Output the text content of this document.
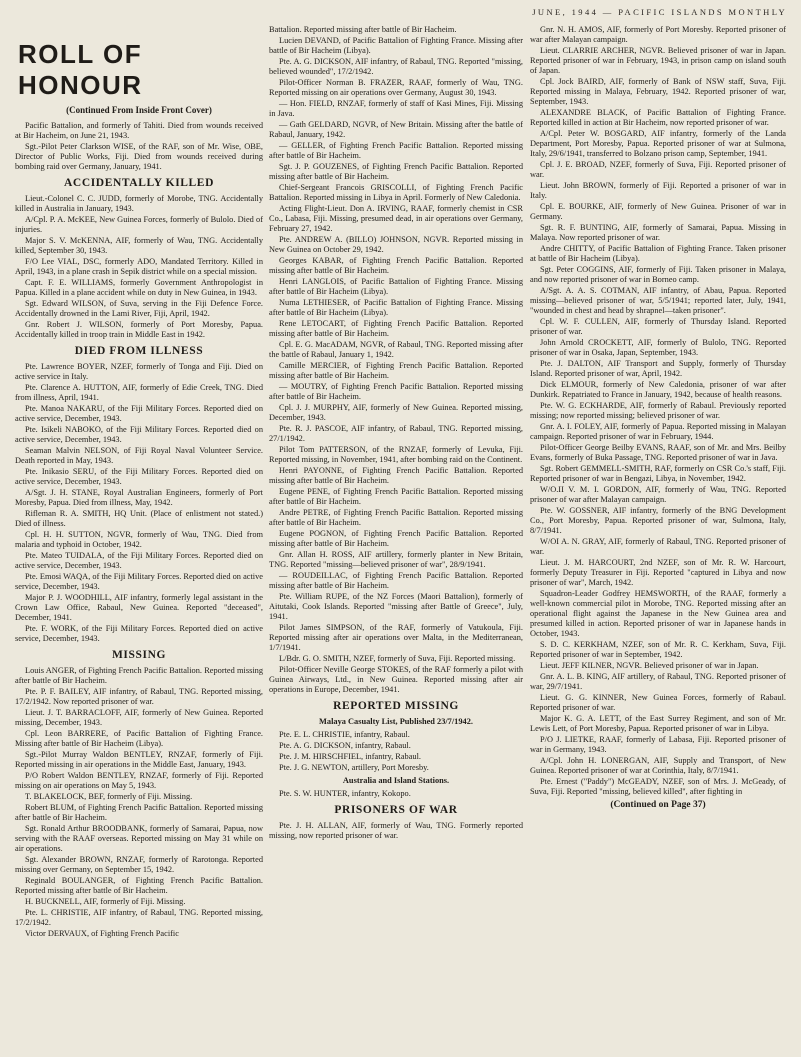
JUNE, 1944 — PACIFIC ISLANDS MONTHLY
ROLL OF HONOUR
(Continued From Inside Front Cover)

Pacific Battalion, and formerly of Tahiti. Died from wounds received at Bir Hacheim, on June 21, 1943.

Sgt.-Pilot Peter Clarkson WISE, of the RAF, son of Mr. Wise, OBE, Director of Public Works, Fiji. Died from wounds received during bombing raid over Germany, January, 1941.

ACCIDENTALLY KILLED

Lieut.-Colonel C. C. JUDD, formerly of Morobe, TNG. Accidentally killed in Australia in January, 1943.

A/Cpl. P. A. McKEE, New Guinea Forces, formerly of Bulolo. Died of injuries.

Major S. V. McKENNA, AIF, formerly of Wau, TNG. Accidentally killed, September 30, 1943.

F/O Lee VIAL, DSC, formerly ADO, Mandated Territory. Killed in April, 1943, in a plane crash in Sepik district while on a special mission.

Capt. F. E. WILLIAMS, formerly Government Anthropologist in Papua. Killed in a plane accident while on duty in New Guinea, in 1943.

Sgt. Edward WILSON, of Suva, serving in the Fiji Defence Force. Accidentally drowned in the Lami River, Fiji, April, 1942.

Gnr. Robert J. WILSON, formerly of Port Moresby, Papua. Accidentally killed in troop train in Middle East in 1942.

DIED FROM ILLNESS

Pte. Lawrence BOYER, NZEF, formerly of Tonga and Fiji. Died on active service in Italy.

Pte. Clarence A. HUTTON, AIF, formerly of Edie Creek, TNG. Died from illness, April, 1941.

Pte. Manoa NAKARU, of the Fiji Military Forces. Reported died on active service, December, 1943.

Pte. Isikeli NABOKO, of the Fiji Military Forces. Reported died on active service, December, 1943.

Seaman Malvin NELSON, of Fiji Royal Naval Volunteer Service. Death reported in May, 1943.

Pte. Inikasio SERU, of the Fiji Military Forces. Reported died on active service, December, 1943.

A/Sgt. J. H. STANE, Royal Australian Engineers, formerly of Port Moresby, Papua. Died from illness, May, 1942.

Rifleman R. A. SMITH, HQ Unit. (Place of enlistment not stated.) Died of illness.

Cpl. H. H. SUTTON, NGVR, formerly of Wau, TNG. Died from malaria and typhoid in October, 1942.

Pte. Mateo TUIDALA, of the Fiji Military Forces. Reported died on active service, December, 1943.

Pte. Emosi WAQA, of the Fiji Military Forces. Reported died on active service, December, 1943.

Major P. J. WOODHILL, AIF infantry, formerly legal assistant in the Crown Law Office, Rabaul, New Guinea. Reported "deceased", December, 1941.

Pte. F. WORK, of the Fiji Military Forces. Reported died on active service, December, 1943.

MISSING

Louis ANGER, of Fighting French Pacific Battalion. Reported missing after battle of Bir Hacheim.

Pte. P. F. BAILEY, AIF infantry, of Rabaul, TNG. Reported missing, 17/2/1942. Now reported prisoner of war.

Lieut. J. T. BARRACLOFF, AIF, formerly of New Guinea. Reported missing, December, 1943.

Cpl. Leon BARRERE, of Pacific Battalion of Fighting France. Missing after battle of Bir Hacheim (Libya).

Sgt.-Pilot Murray Waldon BENTLEY, RNZAF, formerly of Fiji. Reported missing in air operations in the Middle East, January, 1943.

P/O Robert Waldon BENTLEY, RNZAF, formerly of Fiji. Reported missing on air operations on May 5, 1943.

T. BLAKELOCK, BEF, formerly of Fiji. Missing.

Robert BLUM, of Fighting French Pacific Battalion. Reported missing after battle of Bir Hacheim.

Sgt. Ronald Arthur BROODBANK, formerly of Samarai, Papua, now serving with the RAAF overseas. Reported missing on May 31 while on air operations.

Sgt. Alexander BROWN, RNZAF, formerly of Rarotonga. Reported missing over Germany, on September 15, 1942.

Reginald BOULANGER, of Fighting French Pacific Battalion. Reported missing after battle of Bir Hacheim.

H. BUCKNELL, AIF, formerly of Fiji. Missing.

Pte. L. CHRISTIE, AIF infantry, of Rabaul, TNG. Reported missing, 17/2/1942.

Victor DERVAUX, of Fighting French Pacific

Battalion. Reported missing after battle of Bir Hacheim.

Lucien DEVAND, of Pacific Battalion of Fighting France. Missing after battle of Bir Hacheim (Libya).

Pte. A. G. DICKSON, AIF infantry, of Rabaul, TNG. Reported "missing, believed wounded", 17/2/1942.

Pilot-Officer Norman B. FRAZER, RAAF, formerly of Wau, TNG. Reported missing on air operations over Germany, August 30, 1943.

— Hon. FIELD, RNZAF, formerly of staff of Kasi Mines, Fiji. Missing in Java.

— Gath GELDARD, NGVR, of New Britain. Missing after the battle of Rabaul, January, 1942.

— GELLER, of Fighting French Pacific Battalion. Reported missing after battle of Bir Hacheim.

Sgt. J. P. GOUZENES, of Fighting French Pacific Battalion. Reported missing after battle of Bir Hacheim.

Chief-Sergeant Francois GRISCOLLI, of Fighting French Pacific Battalion. Reported missing in Libya in April. Formerly of New Caledonia.

Acting Flight-Lieut. Don A. IRVING, RAAF, formerly chemist in CSR Co., Labasa, Fiji. Missing, presumed dead, in air operations over Germany, February 27, 1942.

Pte. ANDREW A. (BILLO) JOHNSON, NGVR. Reported missing in New Guinea on October 29, 1942.

Georges KABAR, of Fighting French Pacific Battalion. Reported missing after battle of Bir Hacheim.

Henri LANGLOIS, of Pacific Battalion of Fighting France. Missing after battle of Bir Hacheim (Libya).

Numa LETHIESER, of Pacific Battalion of Fighting France. Missing after battle of Bir Hacheim (Libya).

Rene LETOCART, of Fighting French Pacific Battalion. Reported missing after battle of Bir Hacheim.

Cpl. E. G. MacADAM, NGVR, of Rabaul, TNG. Reported missing after the battle of Rabaul, January 1, 1942.

Camille MERCIER, of Fighting French Pacific Battalion. Reported missing after battle of Bir Hacheim.

— MOUTRY, of Fighting French Pacific Battalion. Reported missing after battle of Bir Hacheim.

Cpl. J. J. MURPHY, AIF, formerly of New Guinea. Reported missing, December, 1943.

Pte. R. J. PASCOE, AIF infantry, of Rabaul, TNG. Reported missing, 27/1/1942.

Pilot Tom PATTERSON, of the RNZAF, formerly of Levuka, Fiji. Reported missing, in November, 1941, after bombing raid on the Continent.

Henri PAYONNE, of Fighting French Pacific Battalion. Reported missing after battle of Bir Hacheim.

Eugene PENE, of Fighting French Pacific Battalion. Reported missing after battle of Bir Hacheim.

Andre PETRE, of Fighting French Pacific Battalion. Reported missing after battle of Bir Hacheim.

Eugene POGNON, of Fighting French Pacific Battalion. Reported missing after battle of Bir Hacheim.

Gnr. Allan H. ROSS, AIF artillery, formerly planter in New Britain, TNG. Reported "missing—believed prisoner of war", 28/9/1941.

— ROUDEILLAC, of Fighting French Pacific Battalion. Reported missing after battle of Bir Hacheim.

Pte. William RUPE, of the NZ Forces (Maori Battalion), formerly of Aitutaki, Cook Islands. Reported "missing after Battle of Greece", July, 1941.

Pilot James SIMPSON, of the RAF, formerly of Vatukoula, Fiji. Reported missing after air operations over Malta, in the Mediterranean, 1/7/1941.

L/Bdr. G. O. SMITH, NZEF, formerly of Suva, Fiji. Reported missing.

Pilot-Officer Neville George STOKES, of the RAF formerly a pilot with Guinea Airways, Ltd., in New Guinea. Reported missing after air operations in Europe, December, 1941.

REPORTED MISSING
Malaya Casualty List, Published 23/7/1942.

Pte. E. L. CHRISTIE, infantry, Rabaul.

Pte. A. G. DICKSON, infantry, Rabaul.

Pte. J. M. HIRSCHFIEL, infantry, Rabaul.

Pte. J. G. NEWTON, artillery, Port Moresby.

Australia and Island Stations.

Pte. S. W. HUNTER, infantry, Kokopo.

PRISONERS OF WAR

Pte. J. H. ALLAN, AIF, formerly of Wau, TNG. Formerly reported missing, now reported prisoner of war.

Gnr. N. H. AMOS, AIF, formerly of Port Moresby. Reported prisoner of war after Malayan campaign.

Lieut. CLARRIE ARCHER, NGVR. Believed prisoner of war in Japan. Reported prisoner of war in February, 1943, in prison camp on island south of Japan.

Cpl. Jock BAIRD, AIF, formerly of Bank of NSW staff, Suva, Fiji. Reported missing in Malaya, February, 1942. Reported prisoner of war, September, 1943.

ALEXANDRE BLACK, of Pacific Battalion of Fighting France. Reported killed in action at Bir Hacheim, now reported prisoner of war.

A/Cpl. Peter W. BOSGARD, AIF infantry, formerly of the Landa Department, Port Moresby, Papua. Reported prisoner of war at Sulmona, Italy, 29/6/1941, transferred to Bolzano prison camp, September, 1941.

Cpl. J. E. BROAD, NZEF, formerly of Suva, Fiji. Reported prisoner of war.

Lieut. John BROWN, formerly of Fiji. Reported a prisoner of war in Italy.

Cpl. E. BOURKE, AIF, formerly of New Guinea. Prisoner of war in Germany.

Sgt. R. F. BUNTING, AIF, formerly of Samarai, Papua. Missing in Malaya. Now reported prisoner of war.

Andre CHITTY, of Pacific Battalion of Fighting France. Taken prisoner at battle of Bir Hacheim (Libya).

Sgt. Peter COGGINS, AIF, formerly of Fiji. Taken prisoner in Malaya, and now reported prisoner of war in Borneo camp.

A/Sgt. A. A. S. COTMAN, AIF infantry, of Abau, Papua. Reported missing—believed prisoner of war, 5/5/1941; reported later, July, 1941, "wounded in chest and head by shrapnel—taken prisoner".

Cpl. W. F. CULLEN, AIF, formerly of Thursday Island. Reported prisoner of war.

John Arnold CROCKETT, AIF, formerly of Bulolo, TNG. Reported prisoner of war in Osaka, Japan, September, 1943.

Pte. J. DALTON, AIF Transport and Supply, formerly of Thursday Island. Reported prisoner of war, April, 1942.

Dick ELMOUR, formerly of New Caledonia, prisoner of war after Dunkirk. Repatriated to France in January, 1942, because of health reasons.

Pte. W. G. ECKHARDE, AIF, formerly of Rabaul. Previously reported missing; now reported missing; believed prisoner of war.

Gnr. A. I. FOLEY, AIF, formerly of Papua. Reported missing in Malayan campaign. Reported prisoner of war in February, 1944.

Pilot-Officer George Beilby EVANS, RAAF, son of Mr. and Mrs. Beilby Evans, formerly of Buka Passage, TNG. Reported prisoner of war in Java.

Sgt. Robert GEMMELL-SMITH, RAF, formerly on CSR Co.'s staff, Fiji. Reported prisoner of war in Bengazi, Libya, in November, 1942.

W/O.II V. M. I. GORDON, AIF, formerly of Wau, TNG. Reported prisoner of war after Malayan campaign.

Pte. W. GOSSNER, AIF infantry, formerly of the BNG Development Co., Port Moresby, Papua. Reported prisoner of war, Sulmona, Italy, 8/7/1941.

W/OI A. N. GRAY, AIF, formerly of Rabaul, TNG. Reported prisoner of war.

Lieut. J. M. HARCOURT, 2nd NZEF, son of Mr. R. W. Harcourt, formerly Deputy Treasurer in Fiji. Reported "captured in Libya and now prisoner of war", March, 1942.

Squadron-Leader Godfrey HEMSWORTH, of the RAAF, formerly a well-known commercial pilot in Morobe, TNG. Reported missing after an operational flight against the Japanese in the New Guinea area and presumed killed in action. Reported prisoner of war in Japanese hands in October, 1943.

S. D. C. KERKHAM, NZEF, son of Mr. R. C. Kerkham, Suva, Fiji. Reported prisoner of war in September, 1942.

Lieut. JEFF KILNER, NGVR. Believed prisoner of war in Japan.

Gnr. A. L. B. KING, AIF artillery, of Rabaul, TNG. Reported prisoner of war, 29/7/1941.

Lieut. G. G. KINNER, New Guinea Forces, formerly of Rabaul. Reported prisoner of war.

Major K. G. A. LETT, of the East Surrey Regiment, and son of Mr. Lewis Lett, of Port Moresby, Papua. Reported prisoner of war in Libya.

P/O J. LIETKE, RAAF, formerly of Labasa, Fiji. Reported prisoner of war in Germany, 1943.

A/Cpl. John H. LONERGAN, AIF, Supply and Transport, of New Guinea. Reported prisoner of war at Corinthia, Italy, 8/7/1941.

Pte. Ernest ("Paddy") McGEADY, NZEF, son of Mrs. J. McGeady, of Suva, Fiji. Reported "missing, believed killed", after fighting in

(Continued on Page 37)
